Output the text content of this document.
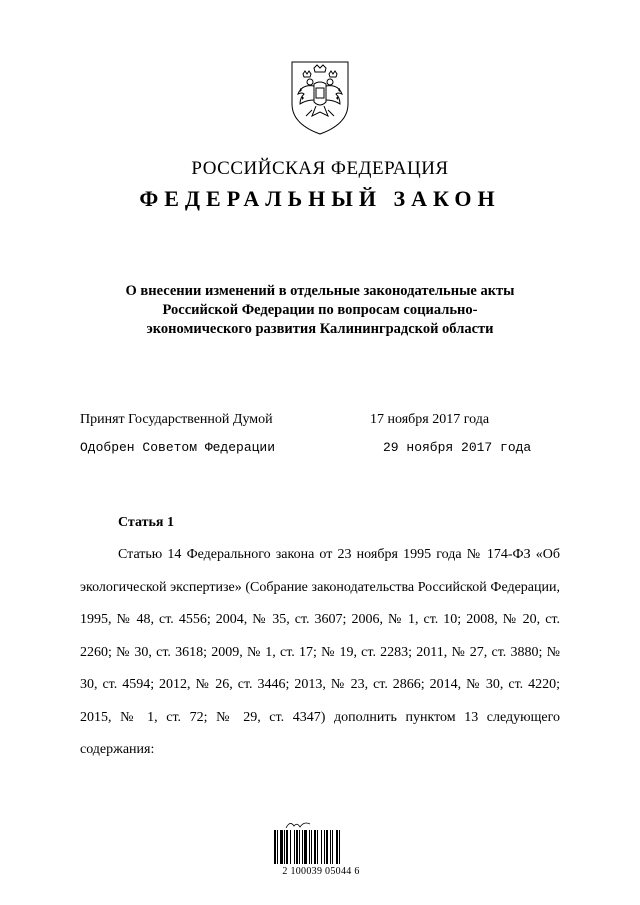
РОССИЙСКАЯ ФЕДЕРАЦИЯ
ФЕДЕРАЛЬНЫЙ ЗАКОН
О внесении изменений в отдельные законодательные акты Российской Федерации по вопросам социально-экономического развития Калининградской области
Принят Государственной Думой	17 ноября 2017 года
Одобрен Советом Федерации	29 ноября 2017 года
Статья 1
Статью 14 Федерального закона от 23 ноября 1995 года № 174-ФЗ «Об экологической экспертизе» (Собрание законодательства Российской Федерации, 1995, № 48, ст. 4556; 2004, № 35, ст. 3607; 2006, № 1, ст. 10; 2008, № 20, ст. 2260; № 30, ст. 3618; 2009, № 1, ст. 17; № 19, ст. 2283; 2011, № 27, ст. 3880; № 30, ст. 4594; 2012, № 26, ст. 3446; 2013, № 23, ст. 2866; 2014, № 30, ст. 4220; 2015, № 1, ст. 72; № 29, ст. 4347) дополнить пунктом 13 следующего содержания:
2 100039 05044 6
